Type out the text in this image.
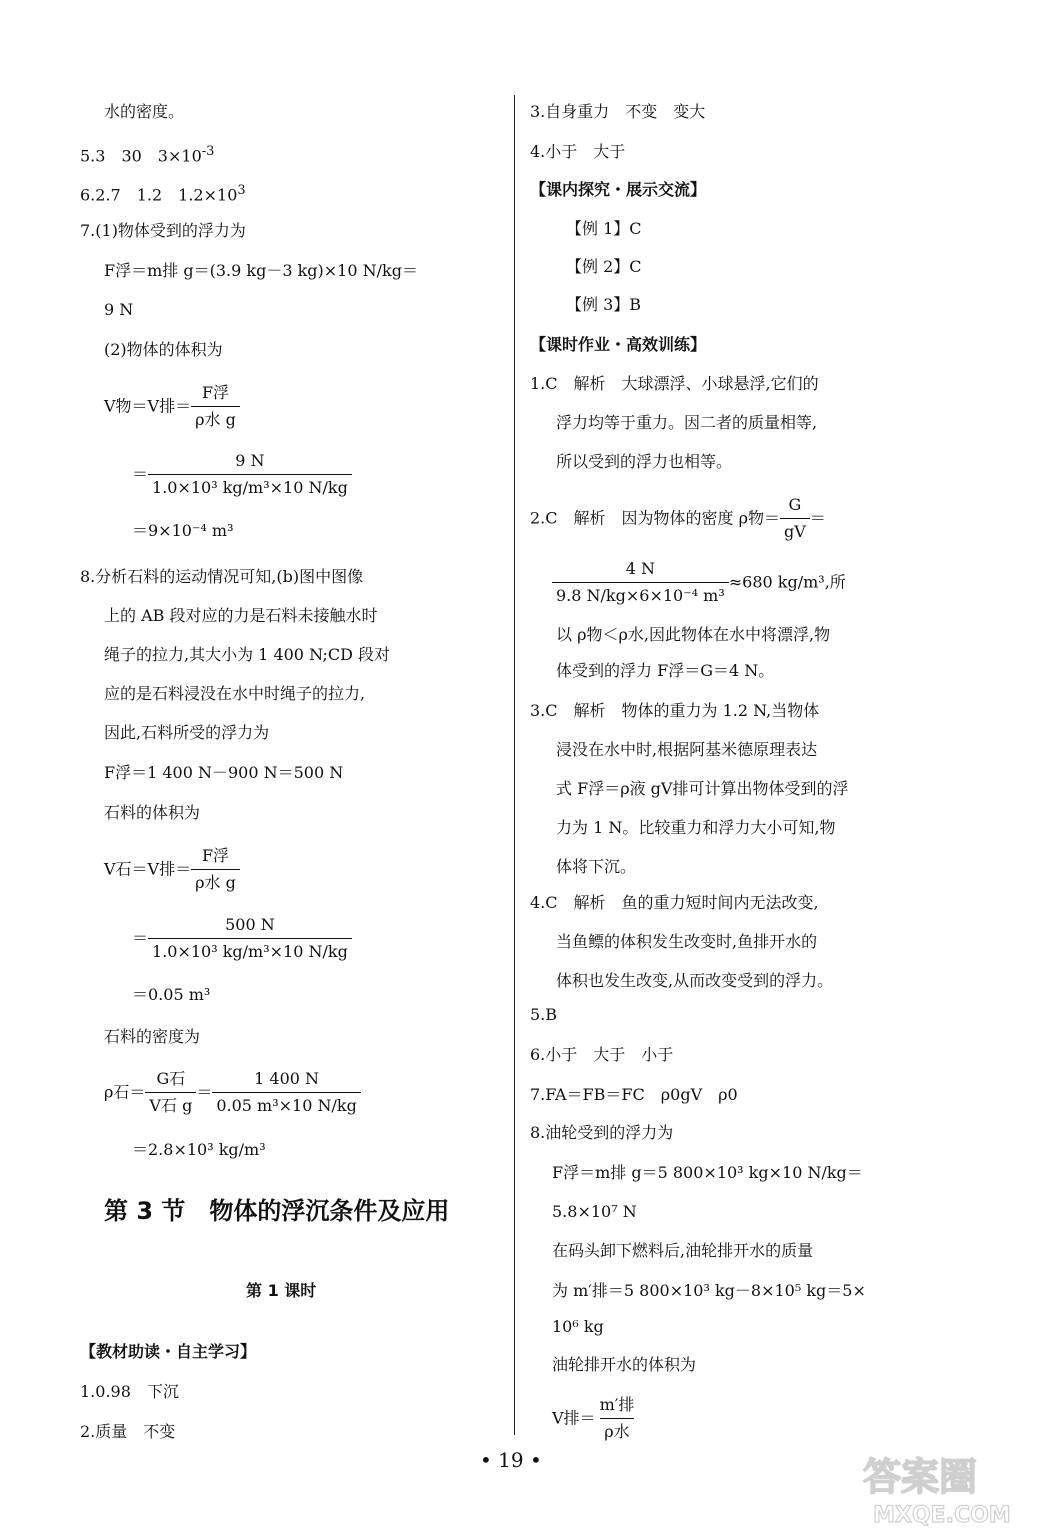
水的密度。
5.3　30　$3\times 10^{-3}$
6.2.7　1.2　$1.2\times 10^3$
7.(1)物体受到的浮力为
F浮＝m排 g＝(3.9 kg－3 kg)×10 N/kg＝
9 N
(2)物体的体积为
V物＝V排＝ $\frac{\text{F浮}}{\text{ρ水 g}}$
＝ $\frac{9 N}{\text{1.0×10³ kg/m³×10 N/kg}}$
＝9×10⁻⁴ m³
8.分析石料的运动情况可知,(b)图中图像
上的 AB 段对应的力是石料未接触水时
绳子的拉力,其大小为 1 400 N;CD 段对
应的是石料浸没在水中时绳子的拉力,
因此,石料所受的浮力为
F浮＝1 400 N－900 N＝500 N
石料的体积为
V石＝V排＝ $\frac{\text{F浮}}{\text{ρ水 g}}$
＝ $\frac{500 N}{\text{1.0×10³ kg/m³×10 N/kg}}$
＝0.05 m³
石料的密度为
ρ石＝ $\frac{\text{G石}}{\text{V石 g}} = \frac{1 400 N}{\text{0.05 m³×10 N/kg}}$
＝2.8×10³ kg/m³
第 3 节　物体的浮沉条件及应用
第 1 课时
【教材助读・自主学习】
1.0.98　下沉
2.质量　不变
3.自身重力　不变　变大
4.小于　大于
【课内探究・展示交流】
【例 1】C
【例 2】C
【例 3】B
【课时作业・高效训练】
1.C　解析　大球漂浮、小球悬浮,它们的
浮力均等于重力。因二者的质量相等,
所以受到的浮力也相等。
2.C　解析　因为物体的密度 ρ物＝ $\frac{G}{gV}$ ＝
$\frac{4 N}{\text{9.8 N/kg×6×10⁻⁴ m³}} \approx 680$ kg/m³,所
以 ρ物＜ρ水,因此物体在水中将漂浮,物
体受到的浮力 F浮＝G＝4 N。
3.C　解析　物体的重力为 1.2 N,当物体
浸没在水中时,根据阿基米德原理表达
式 F浮＝ρ液 gV排可计算出物体受到的浮
力为 1 N。比较重力和浮力大小可知,物
体将下沉。
4.C　解析　鱼的重力短时间内无法改变,
当鱼鳔的体积发生改变时,鱼排开水的
体积也发生改变,从而改变受到的浮力。
5.B
6.小于　大于　小于
7.FA＝FB＝FC　ρ0gV　ρ0
8.油轮受到的浮力为
F浮＝m排 g＝5 800×10³ kg×10 N/kg＝
5.8×10⁷ N
在码头卸下燃料后,油轮排开水的质量
为 m′排＝5 800×10³ kg－8×10⁵ kg＝5×
10⁶ kg
油轮排开水的体积为
V排＝ $\frac{\text{m′排}}{\text{ρ水}}$
• 19 •	答案圈
MXQE.COM
